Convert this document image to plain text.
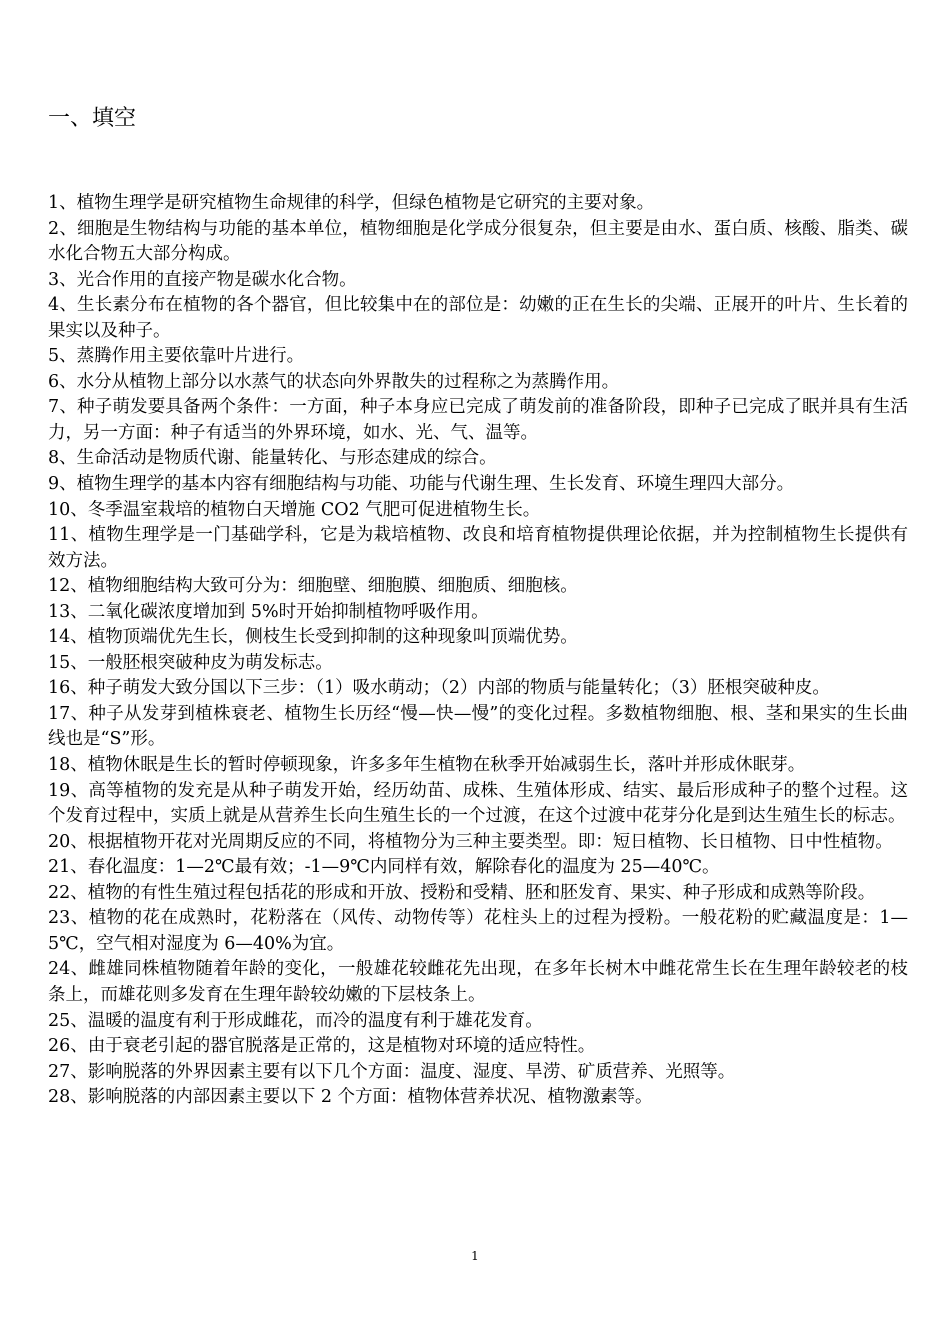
一、填空
1、植物生理学是研究植物生命规律的科学，但绿色植物是它研究的主要对象。
2、细胞是生物结构与功能的基本单位，植物细胞是化学成分很复杂，但主要是由水、蛋白质、核酸、脂类、碳水化合物五大部分构成。
3、光合作用的直接产物是碳水化合物。
4、生长素分布在植物的各个器官，但比较集中在的部位是：幼嫩的正在生长的尖端、正展开的叶片、生长着的果实以及种子。
5、蒸腾作用主要依靠叶片进行。
6、水分从植物上部分以水蒸气的状态向外界散失的过程称之为蒸腾作用。
7、种子萌发要具备两个条件：一方面，种子本身应已完成了萌发前的准备阶段，即种子已完成了眠并具有生活力，另一方面：种子有适当的外界环境，如水、光、气、温等。
8、生命活动是物质代谢、能量转化、与形态建成的综合。
9、植物生理学的基本内容有细胞结构与功能、功能与代谢生理、生长发育、环境生理四大部分。
10、冬季温室栽培的植物白天增施 CO2 气肥可促进植物生长。
11、植物生理学是一门基础学科，它是为栽培植物、改良和培育植物提供理论依据，并为控制植物生长提供有效方法。
12、植物细胞结构大致可分为：细胞壁、细胞膜、细胞质、细胞核。
13、二氧化碳浓度增加到 5%时开始抑制植物呼吸作用。
14、植物顶端优先生长，侧枝生长受到抑制的这种现象叫顶端优势。
15、一般胚根突破种皮为萌发标志。
16、种子萌发大致分国以下三步：（1）吸水萌动；（2）内部的物质与能量转化；（3）胚根突破种皮。
17、种子从发芽到植株衰老、植物生长历经“慢—快—慢”的变化过程。多数植物细胞、根、茎和果实的生长曲线也是“S”形。
18、植物休眠是生长的暂时停顿现象，许多多年生植物在秋季开始减弱生长，落叶并形成休眠芽。
19、高等植物的发充是从种子萌发开始，经历幼苗、成株、生殖体形成、结实、最后形成种子的整个过程。这个发育过程中，实质上就是从营养生长向生殖生长的一个过渡，在这个过渡中花芽分化是到达生殖生长的标志。
20、根据植物开花对光周期反应的不同，将植物分为三种主要类型。即：短日植物、长日植物、日中性植物。
21、春化温度：1—2℃最有效；-1—9℃内同样有效，解除春化的温度为 25—40℃。
22、植物的有性生殖过程包括花的形成和开放、授粉和受精、胚和胚发育、果实、种子形成和成熟等阶段。
23、植物的花在成熟时，花粉落在（风传、动物传等）花柱头上的过程为授粉。一般花粉的贮藏温度是：1—5℃，空气相对湿度为 6—40%为宜。
24、雌雄同株植物随着年龄的变化，一般雄花较雌花先出现，在多年长树木中雌花常生长在生理年龄较老的枝条上，而雄花则多发育在生理年龄较幼嫩的下层枝条上。
25、温暖的温度有利于形成雌花，而冷的温度有利于雄花发育。
26、由于衰老引起的器官脱落是正常的，这是植物对环境的适应特性。
27、影响脱落的外界因素主要有以下几个方面：温度、湿度、旱涝、矿质营养、光照等。
28、影响脱落的内部因素主要以下 2 个方面：植物体营养状况、植物激素等。
1
